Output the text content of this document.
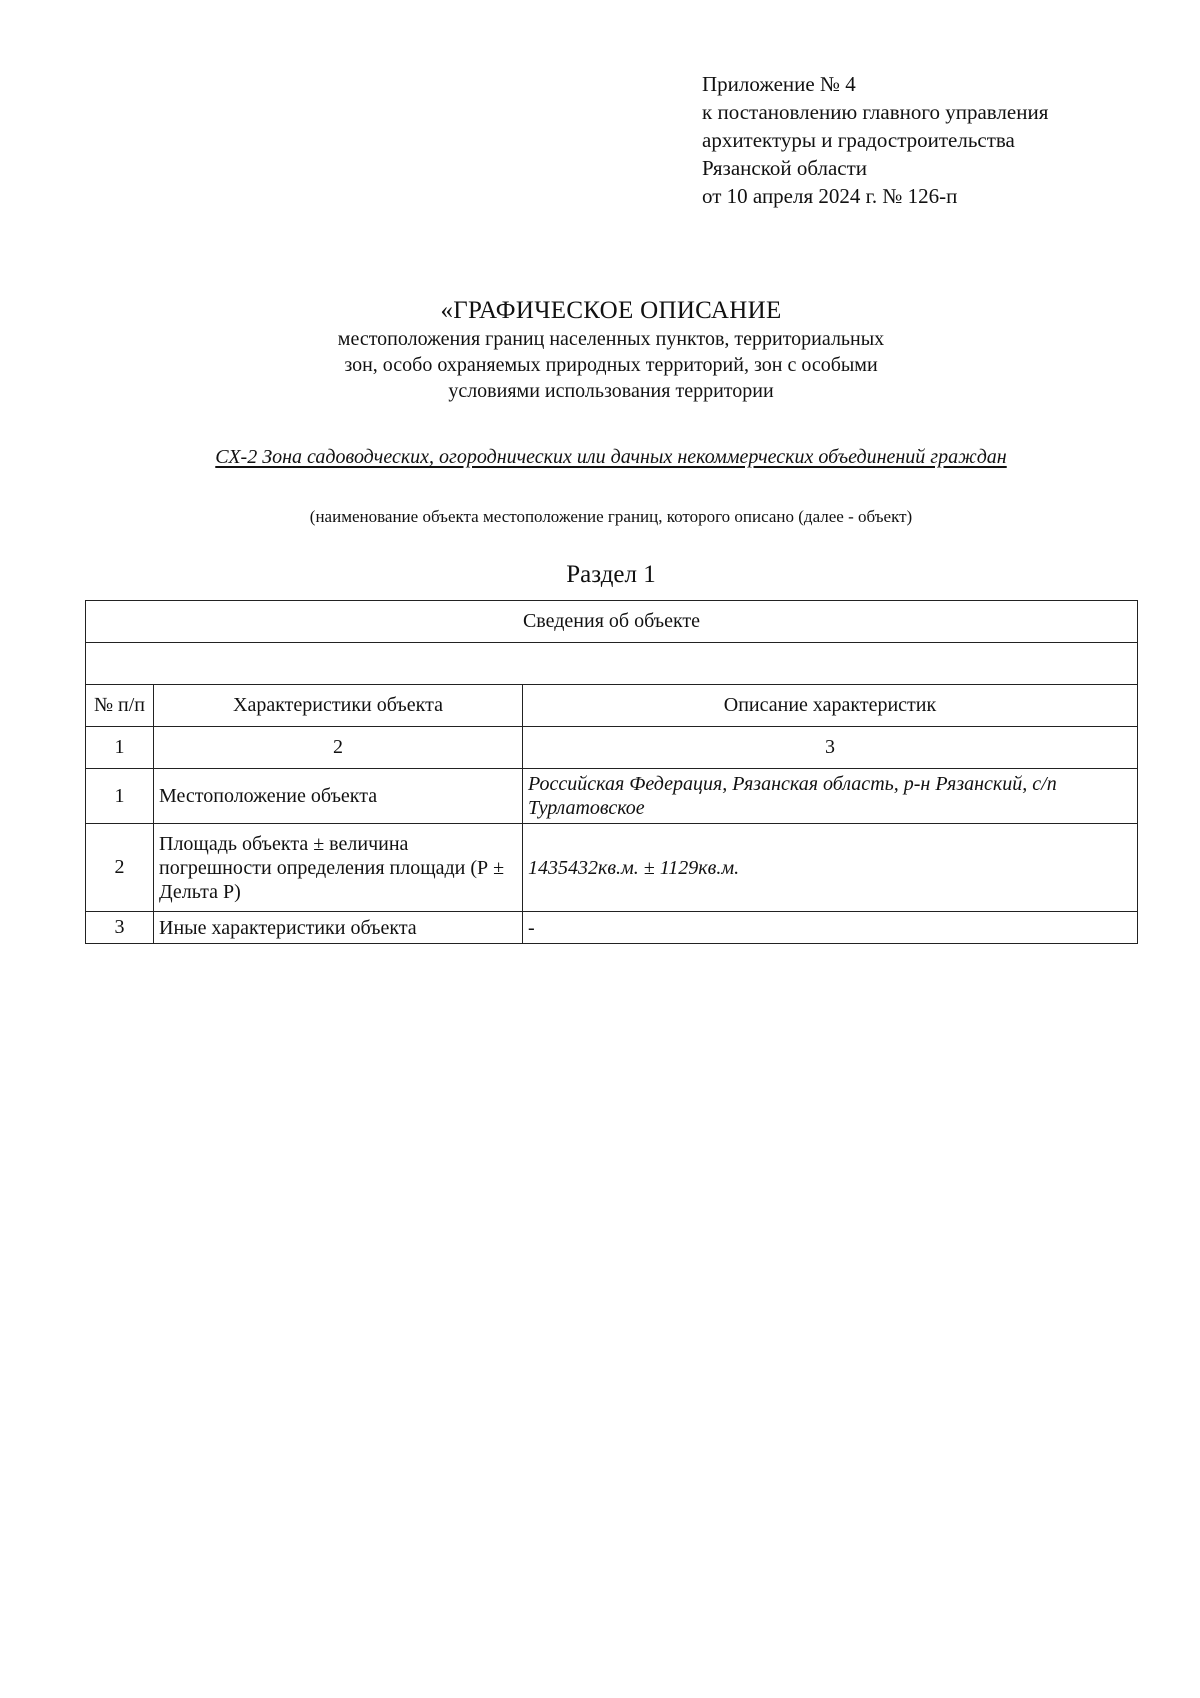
Приложение № 4
к постановлению главного управления
архитектуры и градостроительства
Рязанской области
от 10 апреля 2024 г. № 126-п
«ГРАФИЧЕСКОЕ ОПИСАНИЕ
местоположения границ населенных пунктов, территориальных
зон, особо охраняемых природных территорий, зон с особыми
условиями использования территории
СХ-2 Зона садоводческих, огороднических или дачных некоммерческих объединений граждан
(наименование объекта местоположение границ, которого описано (далее - объект)
Раздел 1
Сведения об объекте		

№ п/п	Характеристики объекта	Описание характеристик
1	2	3
1	Местоположение объекта	Российская Федерация, Рязанская область, р-н Рязанский, с/п Турлатовское
2	Площадь объекта ± величина погрешности определения площади (Р ± Дельта Р)	1435432кв.м. ± 1129кв.м.
3	Иные характеристики объекта	-
